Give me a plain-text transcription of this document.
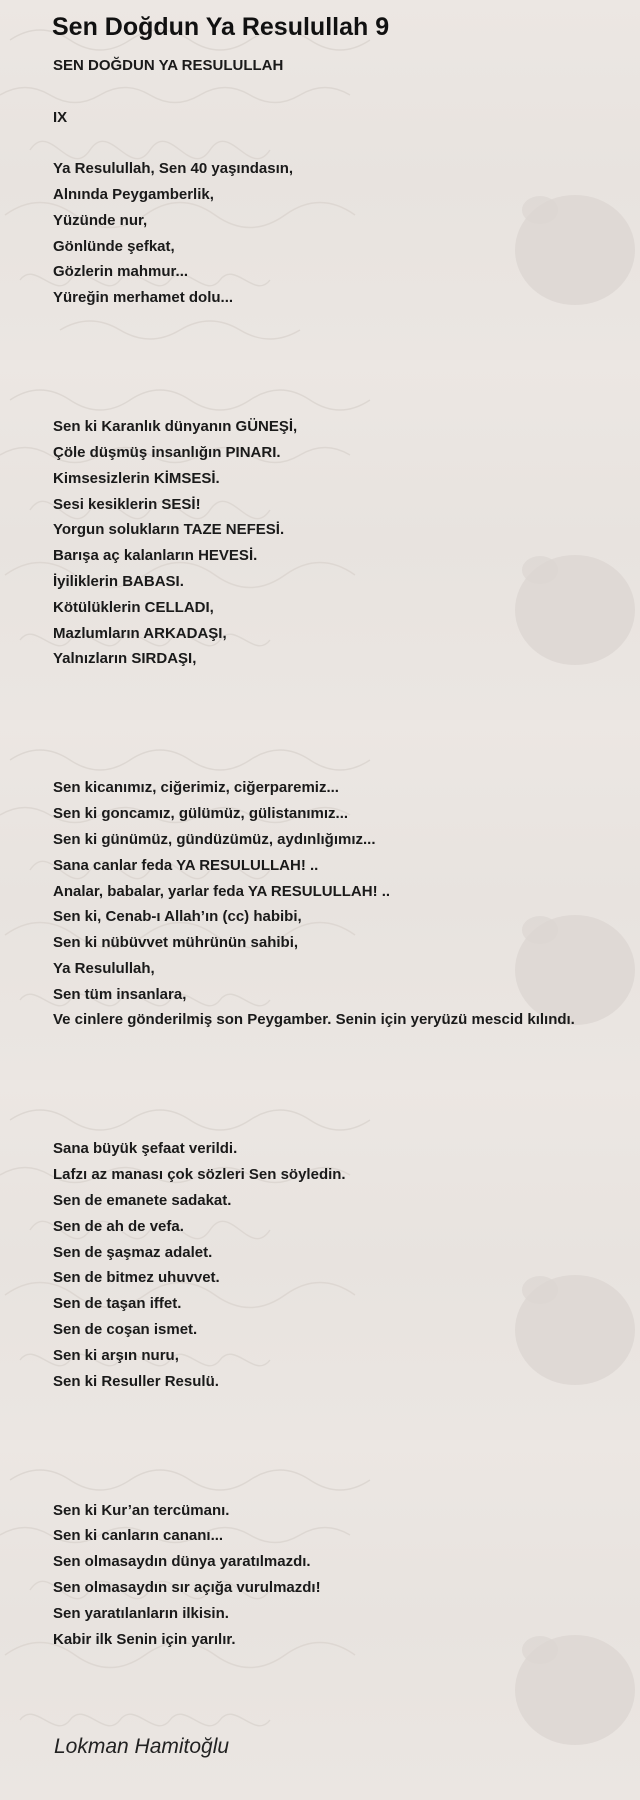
Sen Doğdun Ya Resulullah 9
SEN DOĞDUN YA RESULULLAH
IX
Ya Resulullah, Sen 40 yaşındasın,
Alnında Peygamberlik,
Yüzünde nur,
Gönlünde şefkat,
Gözlerin mahmur...
Yüreğin merhamet dolu...
Sen ki Karanlık dünyanın GÜNEŞİ,
Çöle düşmüş insanlığın PINARI.
Kimsesizlerin KİMSESİ.
Sesi kesiklerin SESİ!
Yorgun solukların TAZE NEFESİ.
Barışa aç kalanların HEVESİ.
İyiliklerin BABASI.
Kötülüklerin CELLADI,
Mazlumların ARKADAŞI,
Yalnızların SIRDAŞI,
Sen kicanımız, ciğerimiz, ciğerparemiz...
Sen ki goncamız, gülümüz, gülistanımız...
Sen ki günümüz, gündüzümüz, aydınlığımız...
Sana canlar feda YA RESULULLAH! ..
Analar, babalar, yarlar feda YA RESULULLAH! ..
Sen ki, Cenab-ı Allah’ın (cc) habibi,
Sen ki nübüvvet mührünün sahibi,
Ya Resulullah,
Sen tüm insanlara,
Ve cinlere gönderilmiş son Peygamber. Senin için yeryüzü mescid kılındı.
Sana büyük şefaat verildi.
Lafzı az manası çok sözleri Sen söyledin.
Sen de emanete sadakat.
Sen de ah de vefa.
Sen de şaşmaz adalet.
Sen de bitmez uhuvvet.
Sen de taşan iffet.
Sen de coşan ismet.
Sen ki arşın nuru,
Sen ki Resuller Resulü.
Sen ki Kur’an tercümanı.
Sen ki canların cananı...
Sen olmasaydın dünya yaratılmazdı.
Sen olmasaydın sır açığa vurulmazdı!
Sen yaratılanların ilkisin.
Kabir ilk Senin için yarılır.
Lokman Hamitoğlu
